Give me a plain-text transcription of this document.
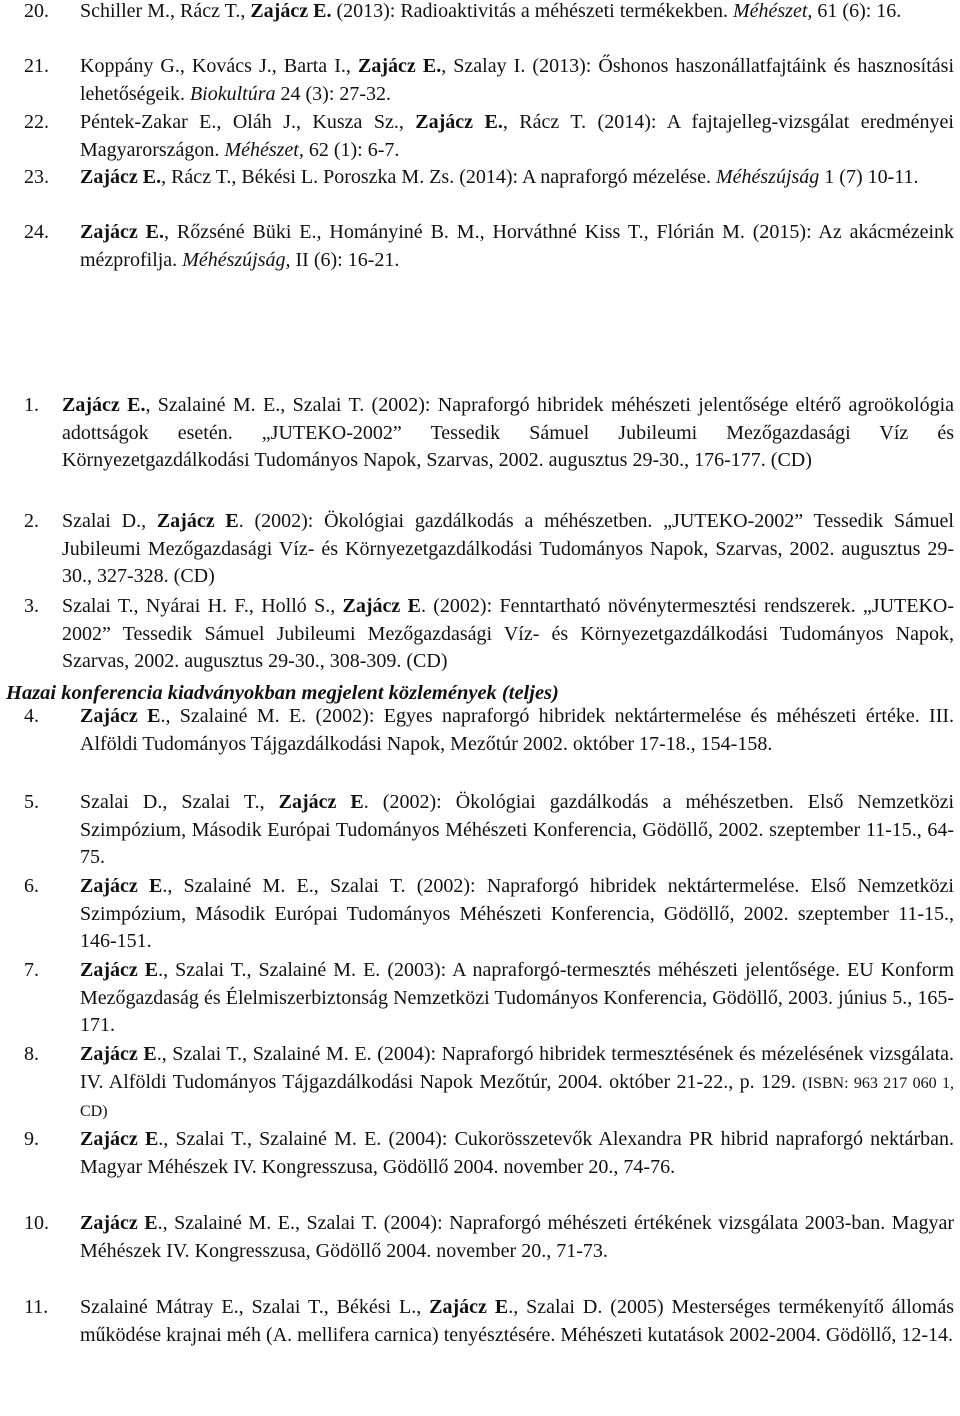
20. Schiller M., Rácz T., Zajácz E. (2013): Radioaktivitás a méhészeti termékekben. Méhészet, 61 (6): 16.
21. Koppány G., Kovács J., Barta I., Zajácz E., Szalay I. (2013): Őshonos haszonállatfajtáink és hasznosítási lehetőségeik. Biokultúra 24 (3): 27-32.
22. Péntek-Zakar E., Oláh J., Kusza Sz., Zajácz E., Rácz T. (2014): A fajtajelleg-vizsgálat eredményei Magyarországon. Méhészet, 62 (1): 6-7.
23. Zajácz E., Rácz T., Békési L. Poroszka M. Zs. (2014): A napraforgó mézelése. Méhészújság 1 (7) 10-11.
24. Zajácz E., Rőzséné Büki E., Hományiné B. M., Horváthné Kiss T., Flórián M. (2015): Az akácmézeink mézprofilja. Méhészújság, II (6): 16-21.
Hazai konferencia kiadványokban megjelent közlemények (teljes)
1. Zajácz E., Szalainé M. E., Szalai T. (2002): Napraforgó hibridek méhészeti jelentősége eltérő agroökológia adottságok esetén. „JUTEKO-2002” Tessedik Sámuel Jubileumi Mezőgazdasági Víz és Környezetgazdálkodási Tudományos Napok, Szarvas, 2002. augusztus 29-30., 176-177. (CD)
2. Szalai D., Zajácz E. (2002): Ökológiai gazdálkodás a méhészetben. „JUTEKO-2002” Tessedik Sámuel Jubileumi Mezőgazdasági Víz- és Környezetgazdálkodási Tudományos Napok, Szarvas, 2002. augusztus 29-30., 327-328. (CD)
3. Szalai T., Nyárai H. F., Holló S., Zajácz E. (2002): Fenntartható növénytermesztési rendszerek. „JUTEKO-2002” Tessedik Sámuel Jubileumi Mezőgazdasági Víz- és Környezetgazdálkodási Tudományos Napok, Szarvas, 2002. augusztus 29-30., 308-309. (CD)
4. Zajácz E., Szalainé M. E. (2002): Egyes napraforgó hibridek nektártermelése és méhészeti értéke. III. Alföldi Tudományos Tájgazdálkodási Napok, Mezőtúr 2002. október 17-18., 154-158.
5. Szalai D., Szalai T., Zajácz E. (2002): Ökológiai gazdálkodás a méhészetben. Első Nemzetközi Szimpózium, Második Európai Tudományos Méhészeti Konferencia, Gödöllő, 2002. szeptember 11-15., 64-75.
6. Zajácz E., Szalainé M. E., Szalai T. (2002): Napraforgó hibridek nektártermelése. Első Nemzetközi Szimpózium, Második Európai Tudományos Méhészeti Konferencia, Gödöllő, 2002. szeptember 11-15., 146-151.
7. Zajácz E., Szalai T., Szalainé M. E. (2003): A napraforgó-termesztés méhészeti jelentősége. EU Konform Mezőgazdaság és Élelmiszerbiztonság Nemzetközi Tudományos Konferencia, Gödöllő, 2003. június 5., 165-171.
8. Zajácz E., Szalai T., Szalainé M. E. (2004): Napraforgó hibridek termesztésének és mézelésének vizsgálata. IV. Alföldi Tudományos Tájgazdálkodási Napok Mezőtúr, 2004. október 21-22., p. 129. (ISBN: 963 217 060 1, CD)
9. Zajácz E., Szalai T., Szalainé M. E. (2004): Cukorösszetevők Alexandra PR hibrid napraforgó nektárban. Magyar Méhészek IV. Kongresszusa, Gödöllő 2004. november 20., 74-76.
10. Zajácz E., Szalainé M. E., Szalai T. (2004): Napraforgó méhészeti értékének vizsgálata 2003-ban. Magyar Méhészek IV. Kongresszusa, Gödöllő 2004. november 20., 71-73.
11. Szalainé Mátray E., Szalai T., Békési L., Zajácz E., Szalai D. (2005) Mesterséges termékenyítő állomás működése krajnai méh (A. mellifera carnica) tenyésztésére. Méhészeti kutatások 2002-2004. Gödöllő, 12-14.
